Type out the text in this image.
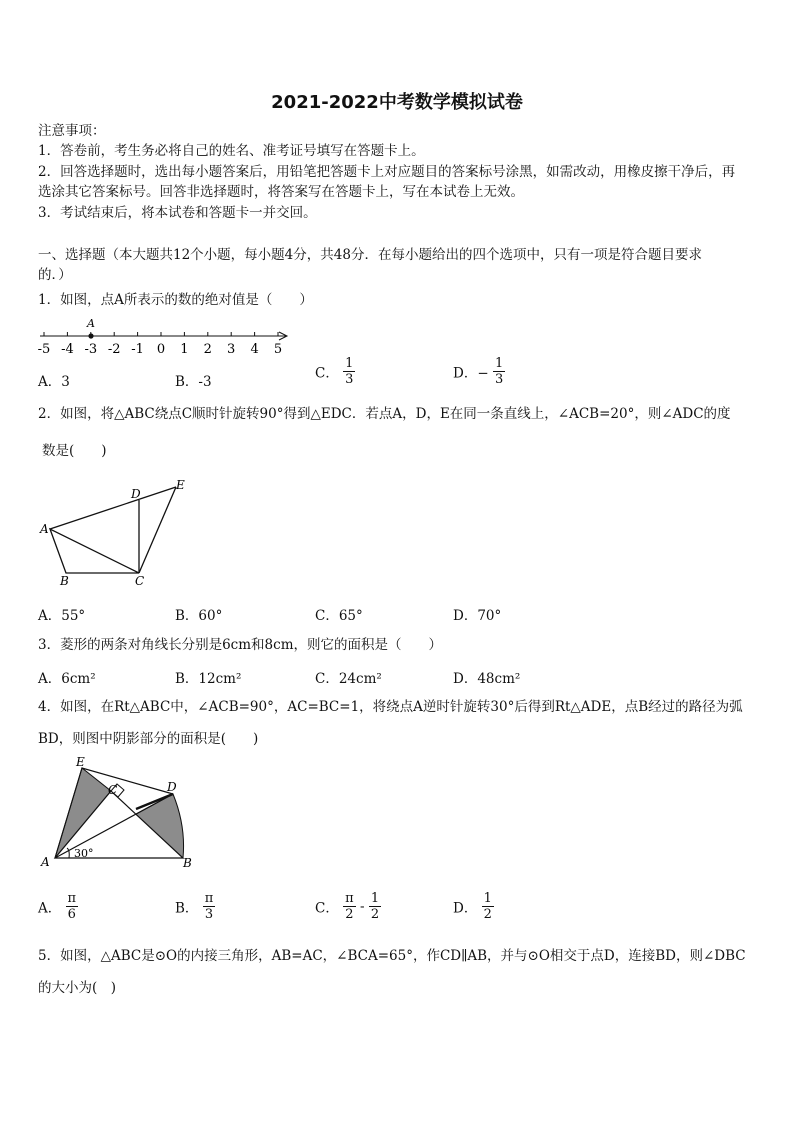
2021-2022中考数学模拟试卷
注意事项：
1．答卷前，考生务必将自己的姓名、准考证号填写在答题卡上。
2．回答选择题时，选出每小题答案后，用铅笔把答题卡上对应题目的答案标号涂黑，如需改动，用橡皮擦干净后，再
选涂其它答案标号。回答非选择题时，将答案写在答题卡上，写在本试卷上无效。
3．考试结束后，将本试卷和答题卡一并交回。
一、选择题（本大题共12个小题，每小题4分，共48分．在每小题给出的四个选项中，只有一项是符合题目要求
的．）
1．如图，点A所表示的数的绝对值是（　　）
-5 -4 -3 -2 -1 0 1 2 3 4 5
A
A．3	B．-3
C． $\frac{1}{3}$	D．− $\frac{1}{3}$
2．如图，将△ABC绕点C顺时针旋转90°得到△EDC．若点A，D，E在同一条直线上，∠ACB=20°，则∠ADC的度
数是(　　)
A
B	C
D
E
A．55°	B．60°	C．65°	D．70°
3．菱形的两条对角线长分别是6cm和8cm，则它的面积是（　　）
A．6cm²	B．12cm²	C．24cm²	D．48cm²
4．如图，在Rt△ABC中，∠ACB=90°，AC=BC=1，将绕点A逆时针旋转30°后得到Rt△ADE，点B经过的路径为弧
BD，则图中阴影部分的面积是(　　)
30°
A	B
C	D
E
A． $\frac{\pi}{6}$	B． $\frac{\pi}{3}$	C． $\frac{\pi}{2} - \frac{1}{2}$	D． $\frac{1}{2}$
5．如图，△ABC是⊙O的内接三角形，AB=AC，∠BCA=65°，作CD∥AB，并与⊙O相交于点D，连接BD，则∠DBC
的大小为(　)
